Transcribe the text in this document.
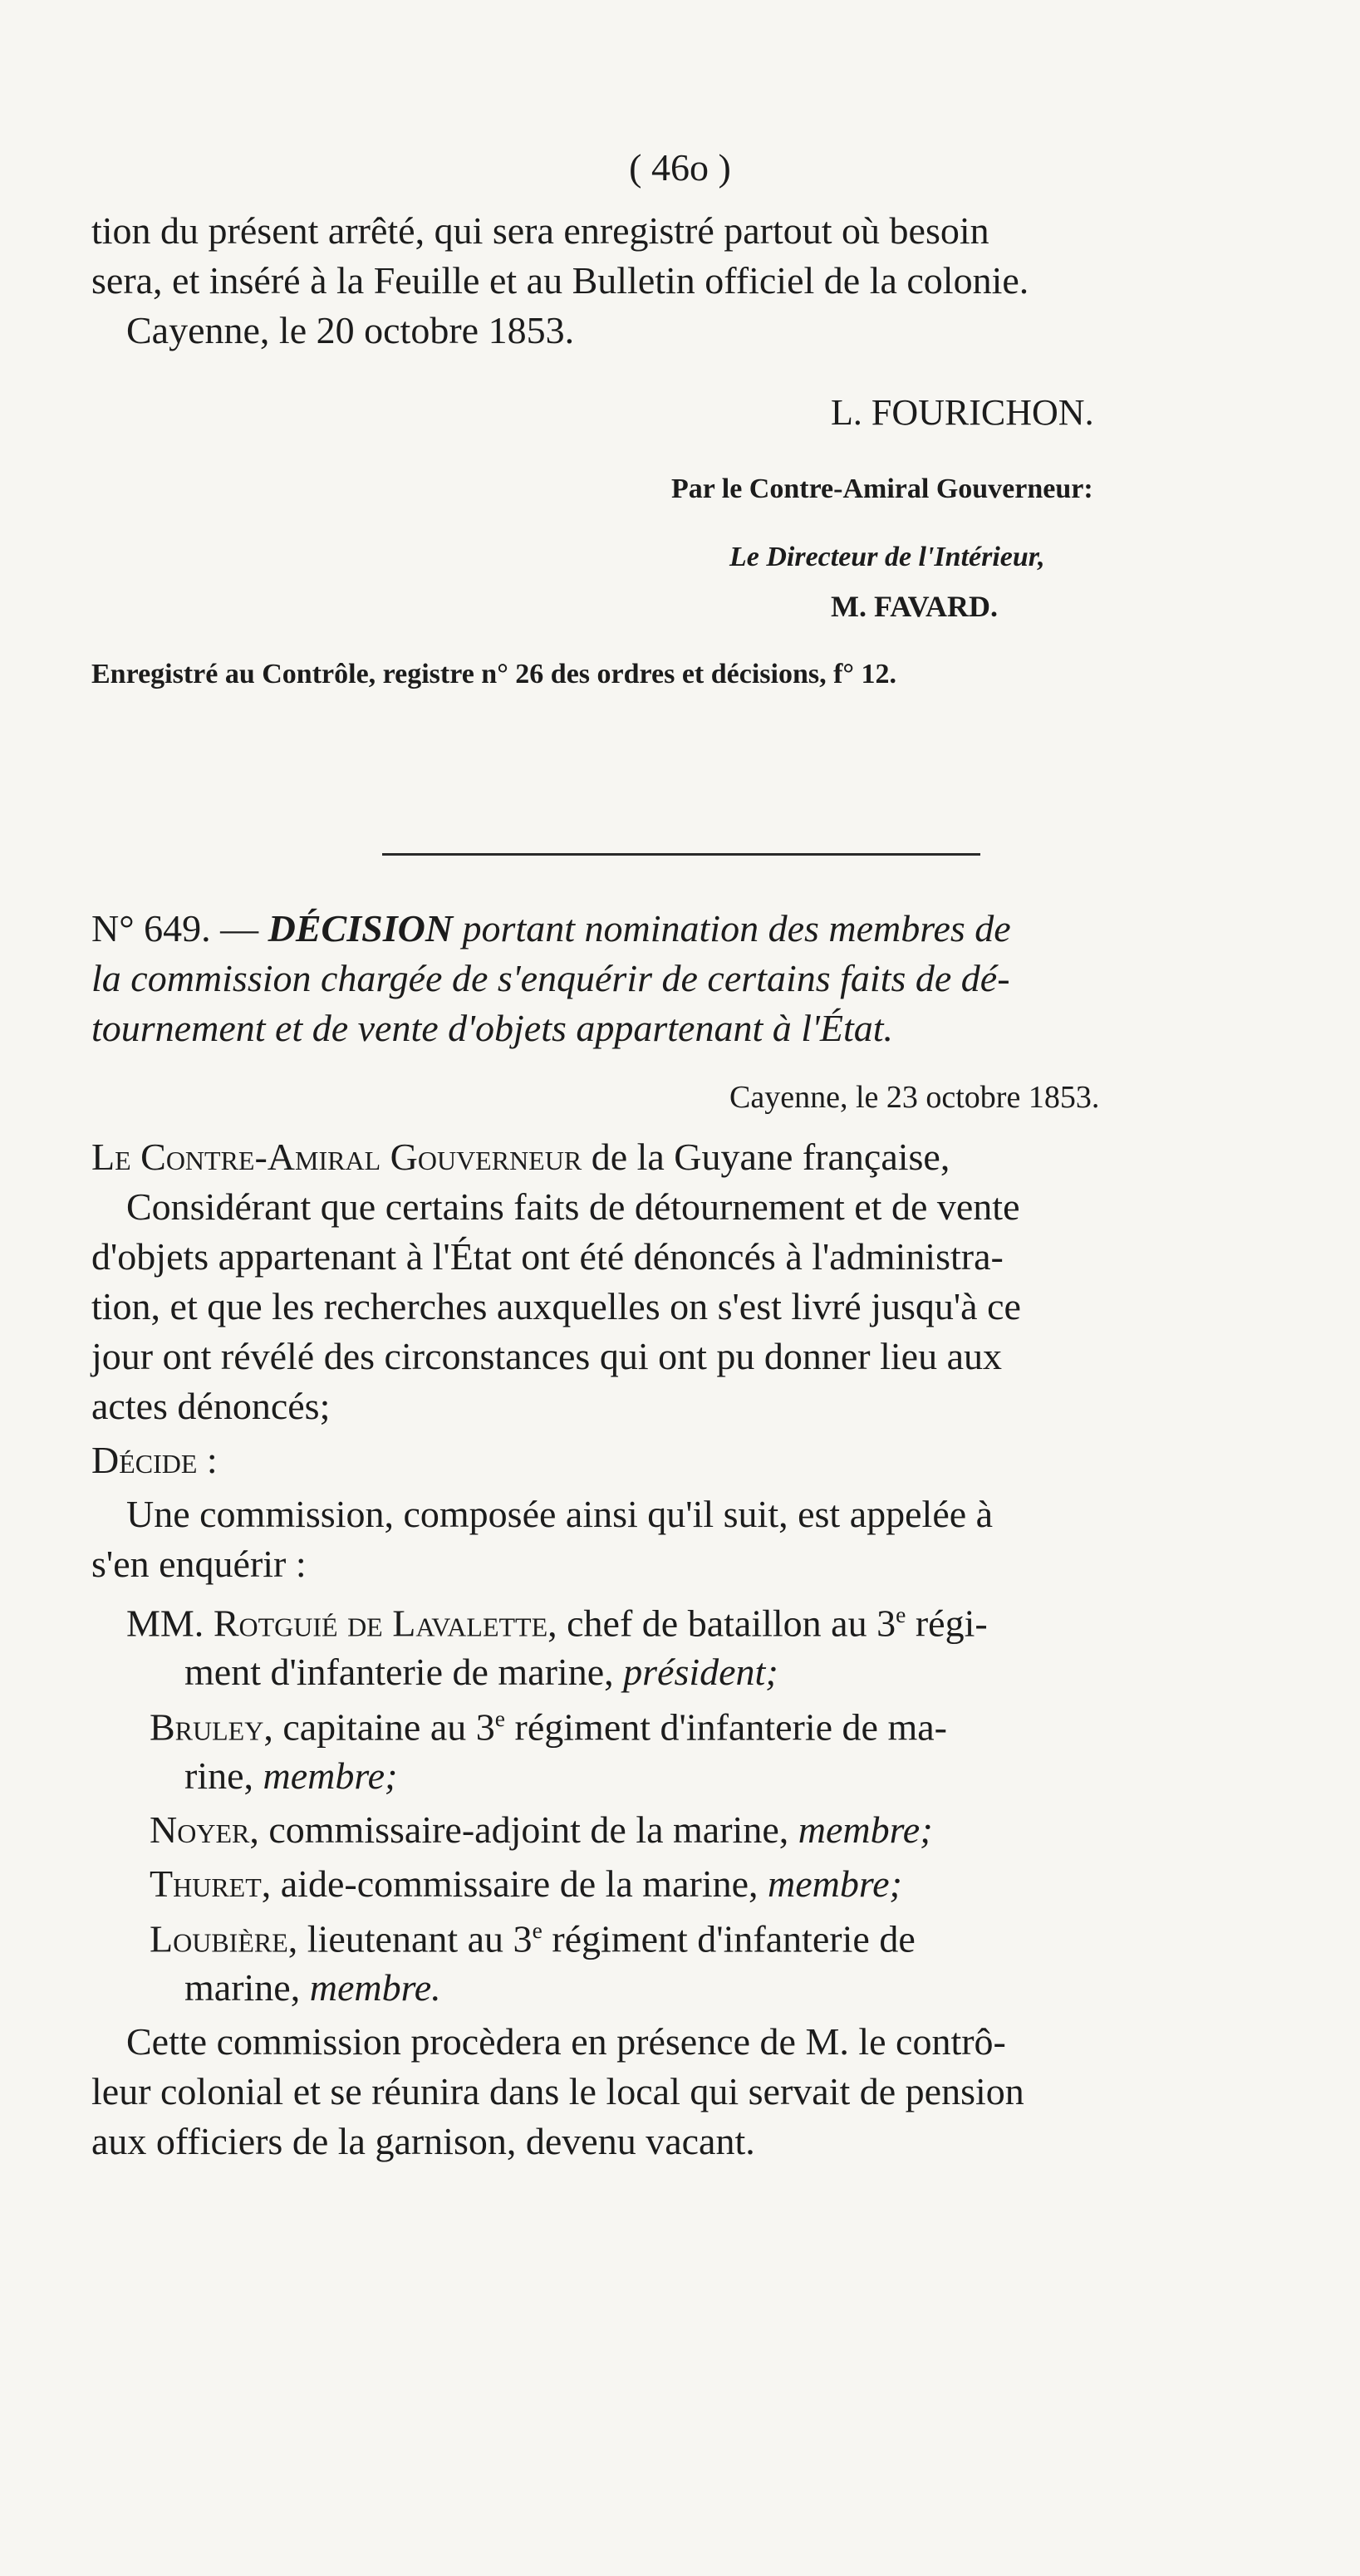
( 46o )
tion du présent arrêté, qui sera enregistré partout où besoin
sera, et inséré à la Feuille et au Bulletin officiel de la colonie.
Cayenne, le 20 octobre 1853.
L. FOURICHON.
Par le Contre-Amiral Gouverneur:
Le Directeur de l'Intérieur,
M. FAVARD.
Enregistré au Contrôle, registre n° 26 des ordres et décisions, f° 12.
N° 649. — DÉCISION portant nomination des membres de
la commission chargée de s'enquérir de certains faits de dé-
tournement et de vente d'objets appartenant à l'État.
Cayenne, le 23 octobre 1853.
Le Contre-Amiral Gouverneur de la Guyane française,
Considérant que certains faits de détournement et de vente
d'objets appartenant à l'État ont été dénoncés à l'administra-
tion, et que les recherches auxquelles on s'est livré jusqu'à ce
jour ont révélé des circonstances qui ont pu donner lieu aux
actes dénoncés;
Décide :
Une commission, composée ainsi qu'il suit, est appelée à
s'en enquérir :
MM. Rotguié de Lavalette, chef de bataillon au 3e régi-
ment d'infanterie de marine, président;
Bruley, capitaine au 3e régiment d'infanterie de ma-
rine, membre;
Noyer, commissaire-adjoint de la marine, membre;
Thuret, aide-commissaire de la marine, membre;
Loubière, lieutenant au 3e régiment d'infanterie de
marine, membre.
Cette commission procèdera en présence de M. le contrô-
leur colonial et se réunira dans le local qui servait de pension
aux officiers de la garnison, devenu vacant.
